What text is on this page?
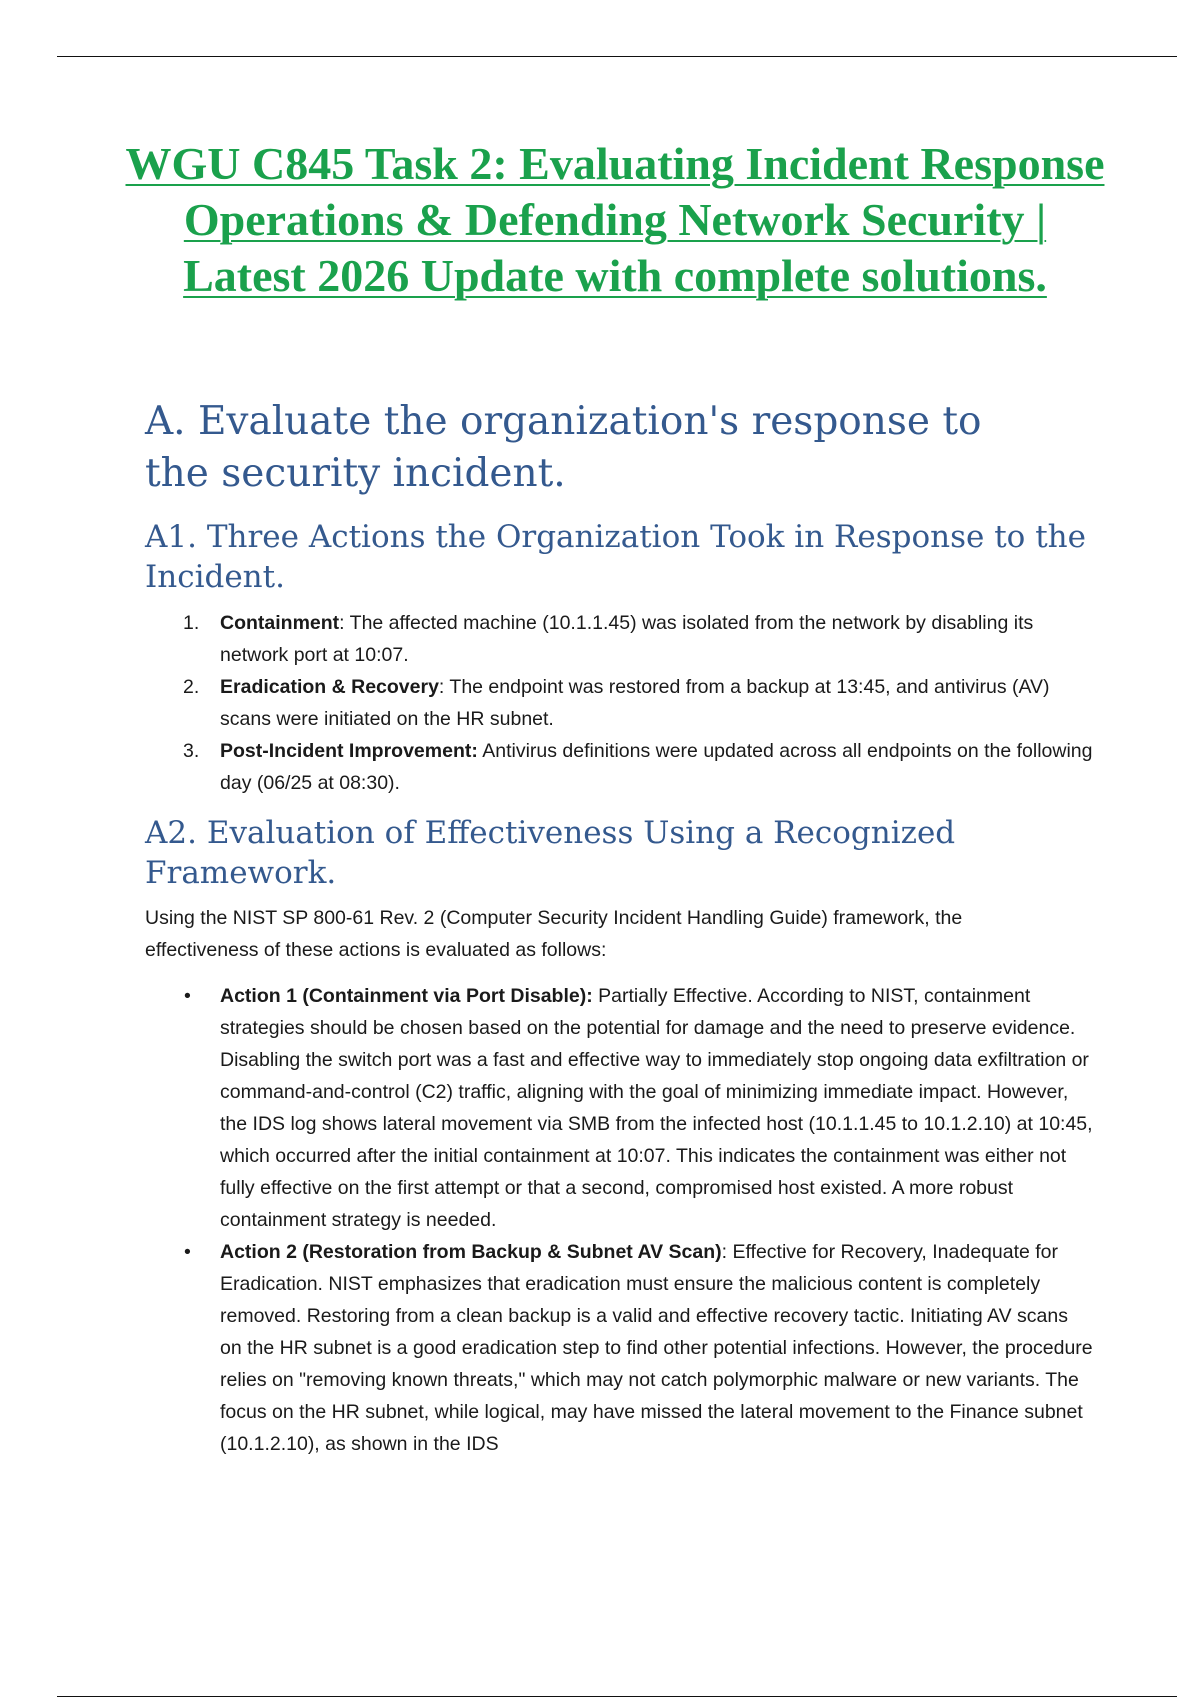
WGU C845 Task 2: Evaluating Incident Response Operations & Defending Network Security | Latest 2026 Update with complete solutions.
A. Evaluate the organization's response to the security incident.
A1. Three Actions the Organization Took in Response to the Incident.
1. Containment: The affected machine (10.1.1.45) was isolated from the network by disabling its network port at 10:07.
2. Eradication & Recovery: The endpoint was restored from a backup at 13:45, and antivirus (AV) scans were initiated on the HR subnet.
3. Post-Incident Improvement: Antivirus definitions were updated across all endpoints on the following day (06/25 at 08:30).
A2. Evaluation of Effectiveness Using a Recognized Framework.

Using the NIST SP 800-61 Rev. 2 (Computer Security Incident Handling Guide) framework, the effectiveness of these actions is evaluated as follows:

• Action 1 (Containment via Port Disable): Partially Effective. According to NIST, containment strategies should be chosen based on the potential for damage and the need to preserve evidence. Disabling the switch port was a fast and effective way to immediately stop ongoing data exfiltration or command-and-control (C2) traffic, aligning with the goal of minimizing immediate impact. However, the IDS log shows lateral movement via SMB from the infected host (10.1.1.45 to 10.1.2.10) at 10:45, which occurred after the initial containment at 10:07. This indicates the containment was either not fully effective on the first attempt or that a second, compromised host existed. A more robust containment strategy is needed.
• Action 2 (Restoration from Backup & Subnet AV Scan): Effective for Recovery, Inadequate for Eradication. NIST emphasizes that eradication must ensure the malicious content is completely removed. Restoring from a clean backup is a valid and effective recovery tactic. Initiating AV scans on the HR subnet is a good eradication step to find other potential infections. However, the procedure relies on "removing known threats," which may not catch polymorphic malware or new variants. The focus on the HR subnet, while logical, may have missed the lateral movement to the Finance subnet (10.1.2.10), as shown in the IDS
